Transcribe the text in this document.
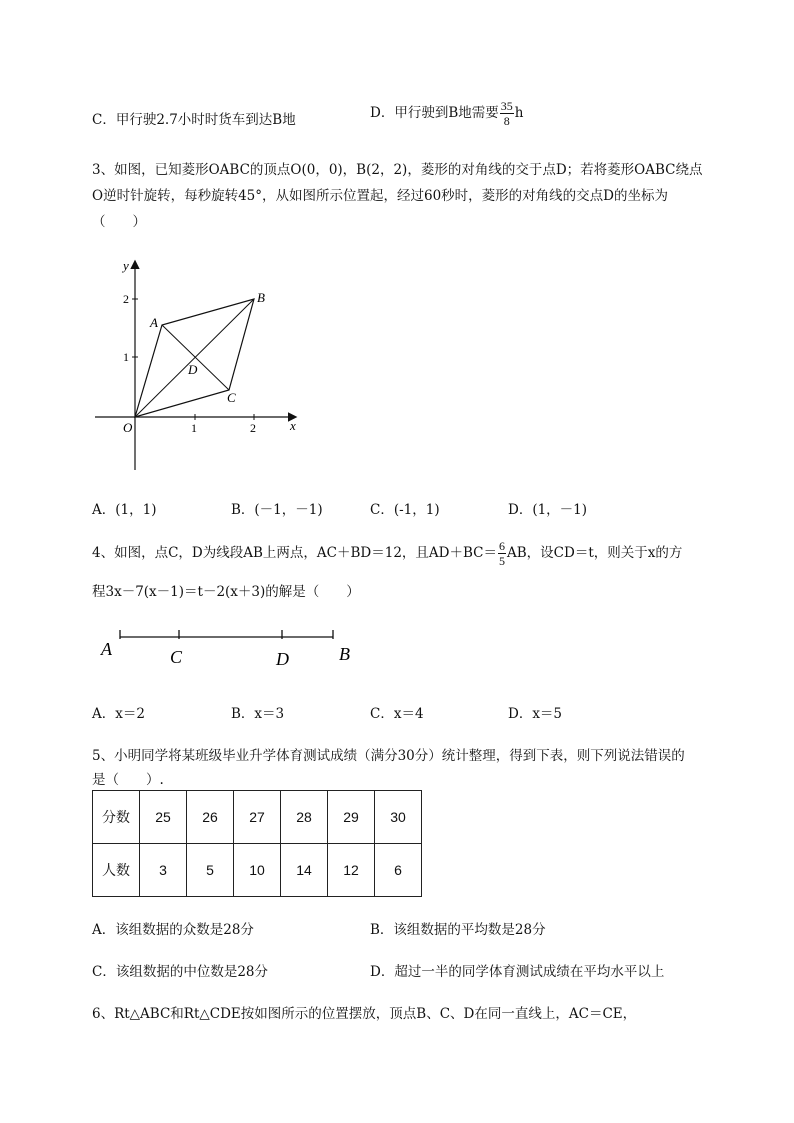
C．甲行驶2.7小时时货车到达B地	D．甲行驶到B地需要 $\frac{35}{8}$ h
3、如图，已知菱形OABC的顶点O(0，0)，B(2，2)，菱形的对角线的交于点D；若将菱形OABC绕点
O逆时针旋转，每秒旋转45°，从如图所示位置起，经过60秒时，菱形的对角线的交点D的坐标为
（　　）
y
x
O	1	2
1
2
A
B
C
D
A．(1，1)	B．(－1，－1)	C．(-1，1)	D．(1，－1)
4、如图，点C，D为线段AB上两点，AC＋BD＝12，且$AD+BC= \frac{6}{5}$ AB，设CD＝t，则关于x的方
程3x－7(x－1)＝t－2(x＋3)的解是（　　）
A	C	D	B
A．x＝2	B．x＝3	C．x＝4	D．x＝5
5、小明同学将某班级毕业升学体育测试成绩（满分30分）统计整理，得到下表，则下列说法错误的
是（　　）.
分数	25	26	27	28	29	30
人数	3	5	10	14	12	6
A．该组数据的众数是28分	B．该组数据的平均数是28分
C．该组数据的中位数是28分	D．超过一半的同学体育测试成绩在平均水平以上
6、Rt△ABC和Rt△CDE按如图所示的位置摆放，顶点B、C、D在同一直线上，AC＝CE，
